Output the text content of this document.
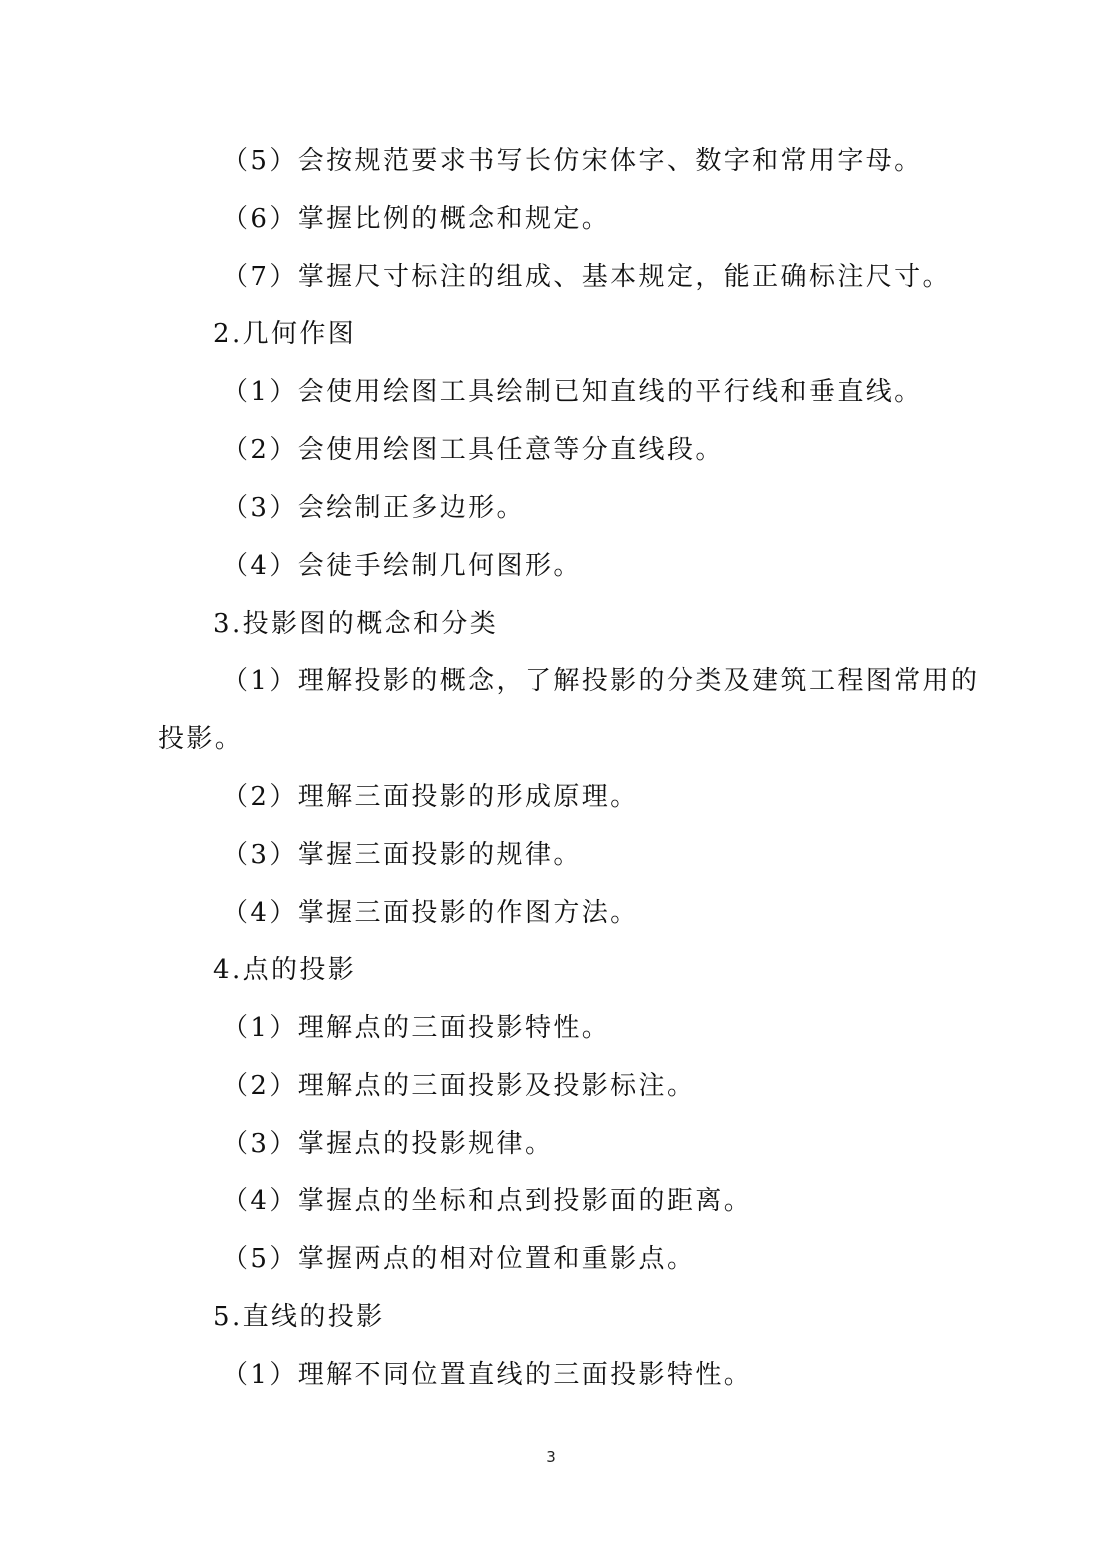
（5）会按规范要求书写长仿宋体字、数字和常用字母。
（6）掌握比例的概念和规定。
（7）掌握尺寸标注的组成、基本规定，能正确标注尺寸。
2.几何作图
（1）会使用绘图工具绘制已知直线的平行线和垂直线。
（2）会使用绘图工具任意等分直线段。
（3）会绘制正多边形。
（4）会徒手绘制几何图形。
3.投影图的概念和分类
（1）理解投影的概念，了解投影的分类及建筑工程图常用的
投影。
（2）理解三面投影的形成原理。
（3）掌握三面投影的规律。
（4）掌握三面投影的作图方法。
4.点的投影
（1）理解点的三面投影特性。
（2）理解点的三面投影及投影标注。
（3）掌握点的投影规律。
（4）掌握点的坐标和点到投影面的距离。
（5）掌握两点的相对位置和重影点。
5.直线的投影
（1）理解不同位置直线的三面投影特性。
3
